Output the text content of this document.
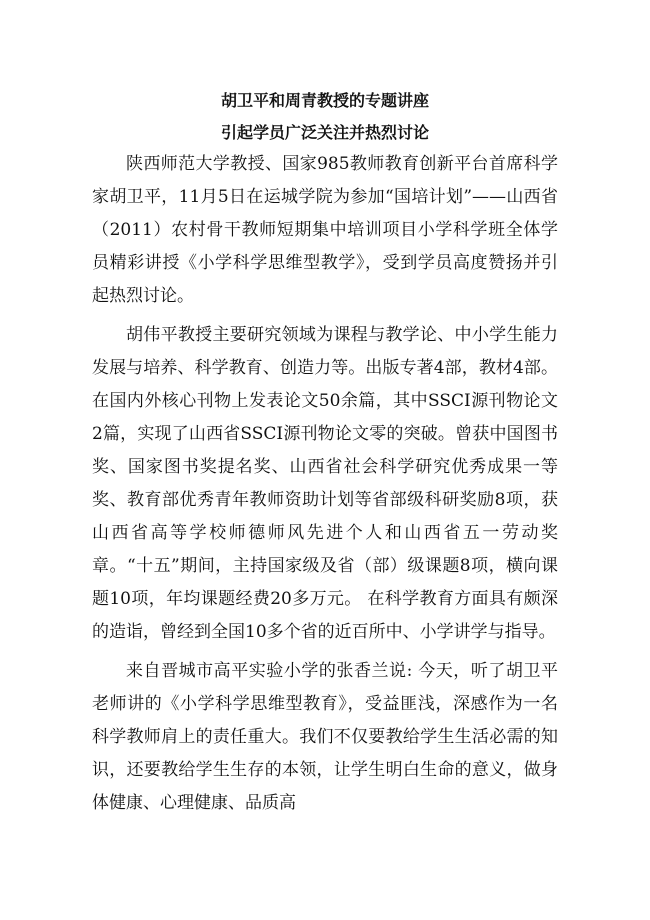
胡卫平和周青教授的专题讲座
引起学员广泛关注并热烈讨论

陕西师范大学教授、国家985教师教育创新平台首席科学家胡卫平，11月5日在运城学院为参加“国培计划”——山西省（2011）农村骨干教师短期集中培训项目小学科学班全体学员精彩讲授《小学科学思维型教学》，受到学员高度赞扬并引起热烈讨论。

胡伟平教授主要研究领域为课程与教学论、中小学生能力发展与培养、科学教育、创造力等。出版专著4部，教材4部。在国内外核心刊物上发表论文50余篇，其中SSCI源刊物论文2篇，实现了山西省SSCI源刊物论文零的突破。曾获中国图书奖、国家图书奖提名奖、山西省社会科学研究优秀成果一等奖、教育部优秀青年教师资助计划等省部级科研奖励8项，获山西省高等学校师德师风先进个人和山西省五一劳动奖章。“十五”期间，主持国家级及省（部）级课题8项，横向课题10项，年均课题经费20多万元。 在科学教育方面具有颇深的造诣，曾经到全国10多个省的近百所中、小学讲学与指导。

来自晋城市高平实验小学的张香兰说: 今天，听了胡卫平老师讲的《小学科学思维型教育》，受益匪浅，深感作为一名科学教师肩上的责任重大。我们不仅要教给学生生活必需的知识，还要教给学生生存的本领，让学生明白生命的意义，做身体健康、心理健康、品质高
